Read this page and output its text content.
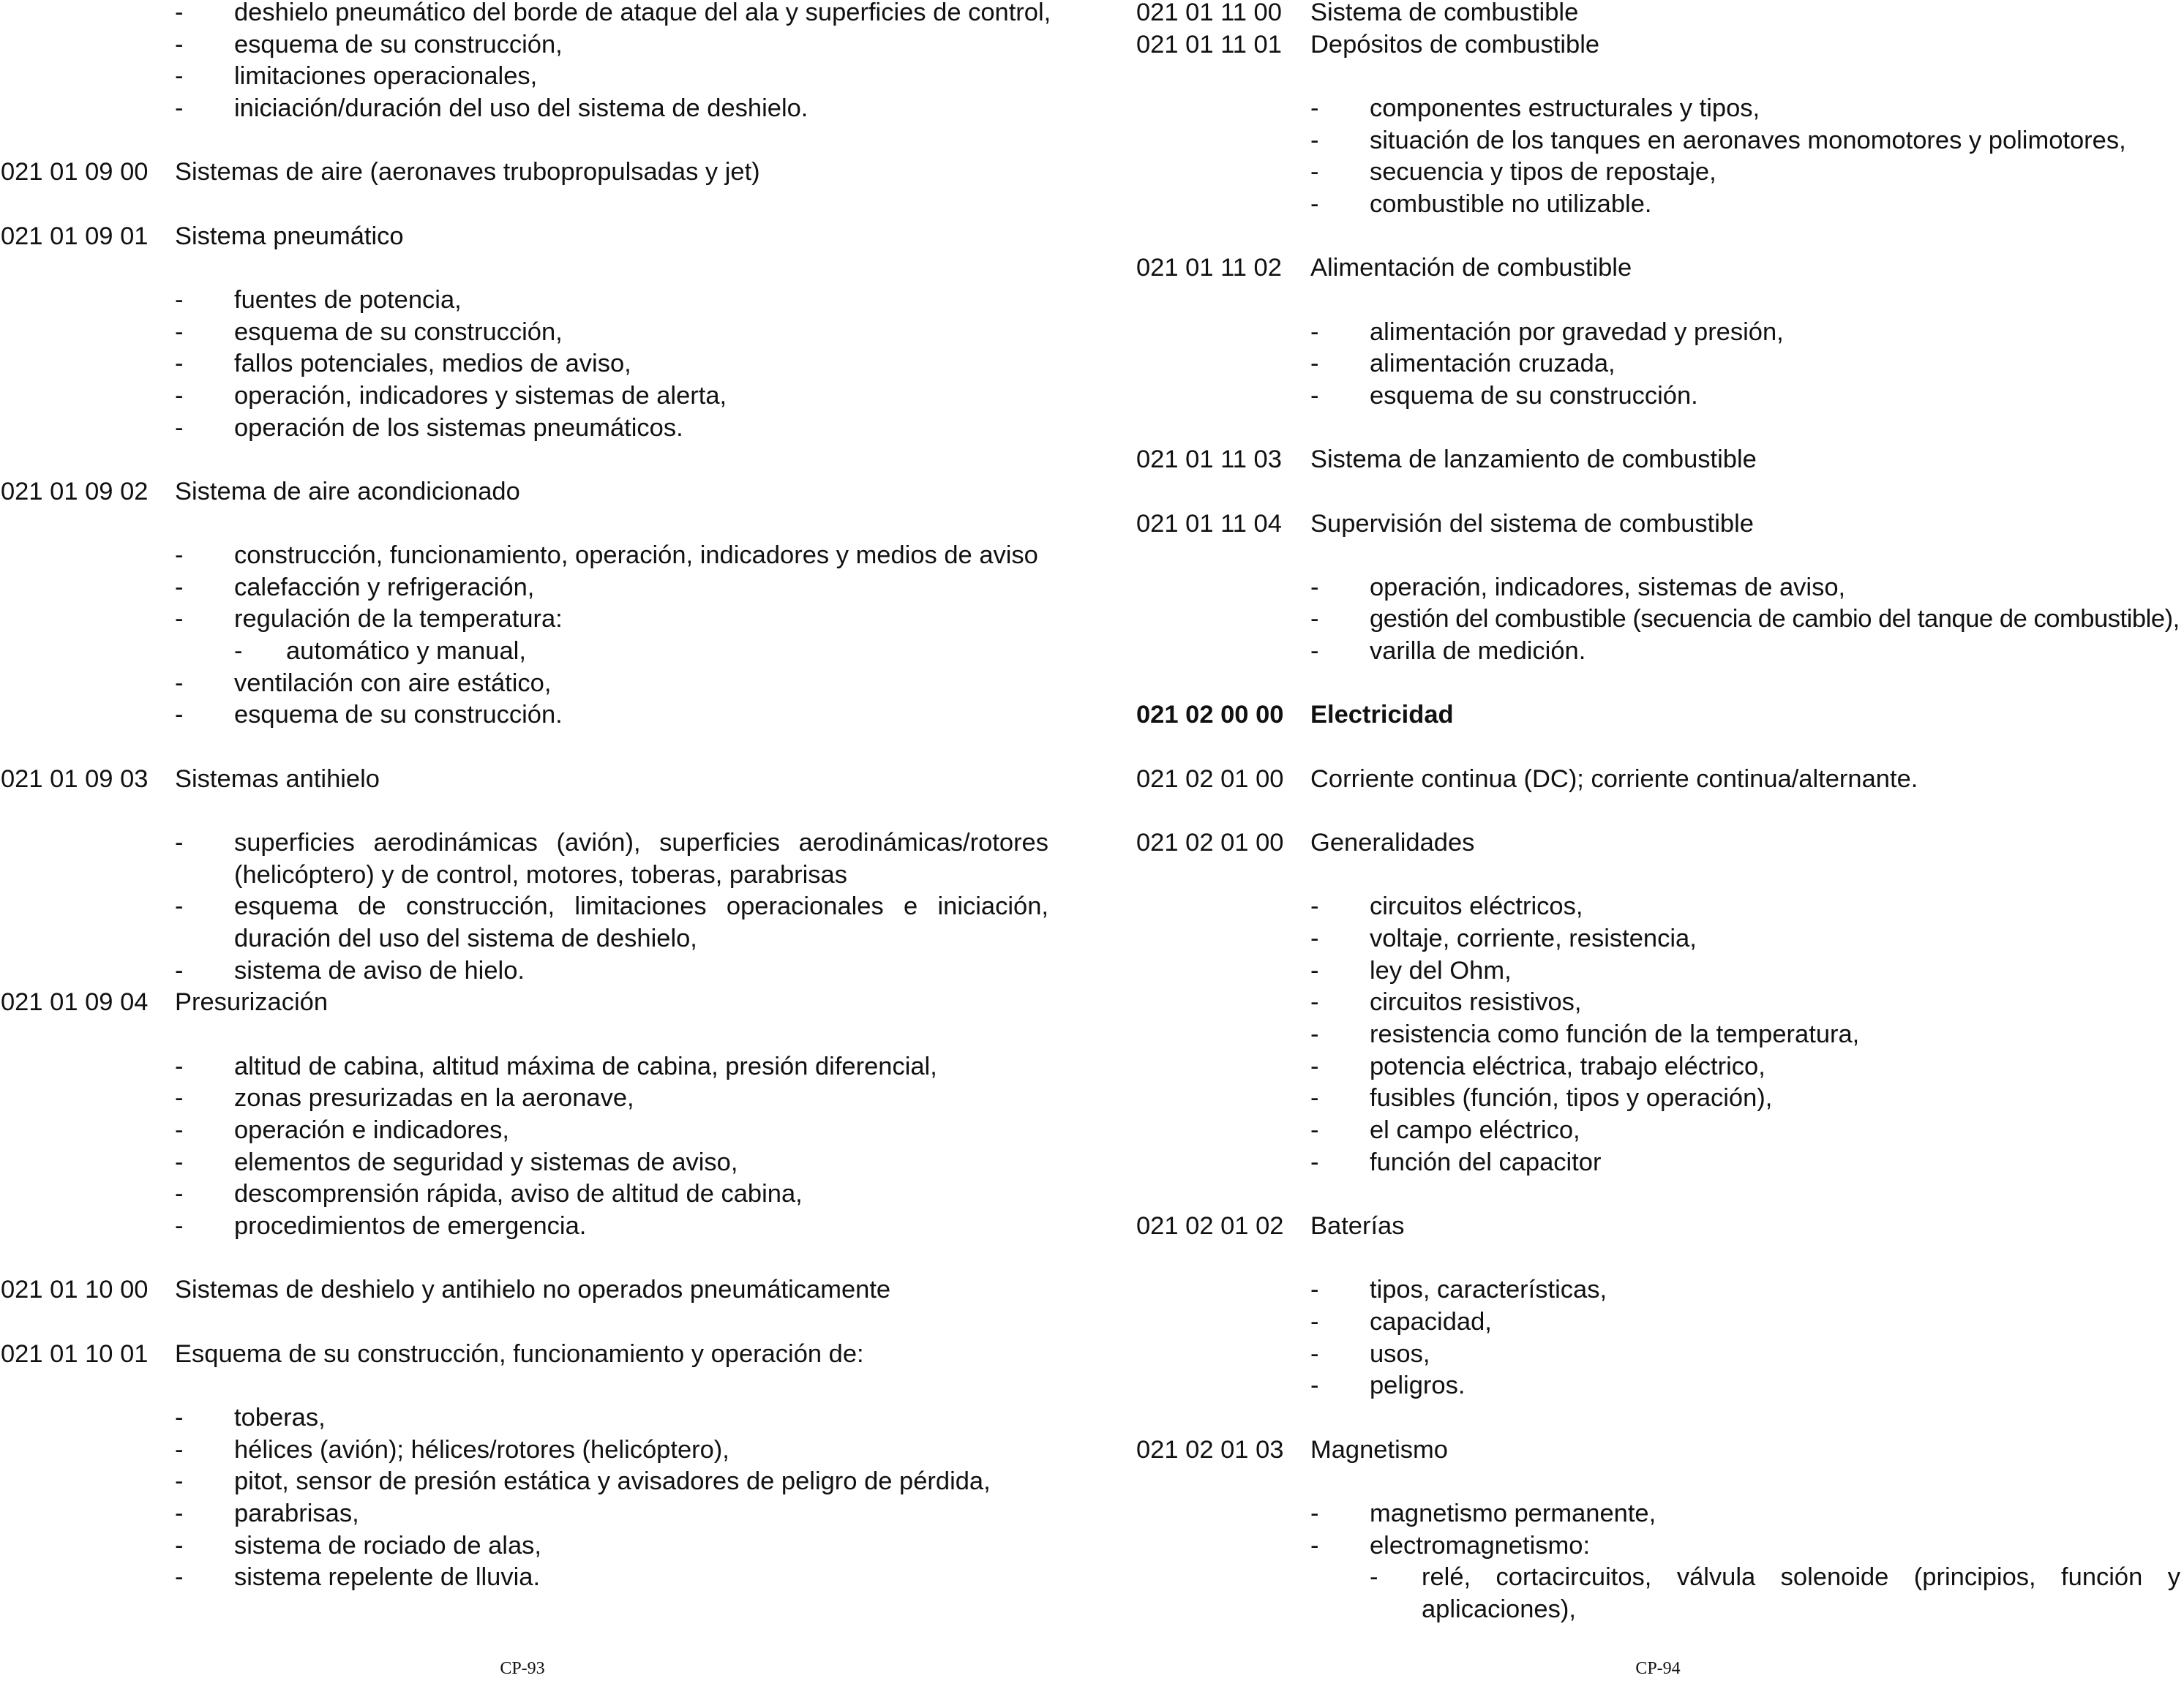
- deshielo pneumático del borde de ataque del ala y superficies de control,
- esquema de su construcción,
- limitaciones operacionales,
- iniciación/duración del uso del sistema de deshielo.
021 01 09 00 Sistemas de aire (aeronaves trubopropulsadas y jet)
021 01 09 01 Sistema pneumático
- fuentes de potencia,
- esquema de su construcción,
- fallos potenciales, medios de aviso,
- operación, indicadores y sistemas de alerta,
- operación de los sistemas pneumáticos.
021 01 09 02 Sistema de aire acondicionado
- construcción, funcionamiento, operación, indicadores y medios de aviso
- calefacción y refrigeración,
- regulación de la temperatura:
- automático y manual,
- ventilación con aire estático,
- esquema de su construcción.
021 01 09 03 Sistemas antihielo
- superficies aerodinámicas (avión), superficies aerodinámicas/rotores (helicóptero) y de control, motores, toberas, parabrisas
- esquema de construcción, limitaciones operacionales e iniciación, duración del uso del sistema de deshielo,
- sistema de aviso de hielo.
021 01 09 04 Presurización
- altitud de cabina, altitud máxima de cabina, presión diferencial,
- zonas presurizadas en la aeronave,
- operación e indicadores,
- elementos de seguridad y sistemas de aviso,
- descomprensión rápida, aviso de altitud de cabina,
- procedimientos de emergencia.
021 01 10 00 Sistemas de deshielo y antihielo no operados pneumáticamente
021 01 10 01 Esquema de su construcción, funcionamiento y operación de:
- toberas,
- hélices (avión); hélices/rotores (helicóptero),
- pitot, sensor de presión estática y avisadores de peligro de pérdida,
- parabrisas,
- sistema de rociado de alas,
- sistema repelente de lluvia.
021 01 11 00 Sistema de combustible
021 01 11 01 Depósitos de combustible
- componentes estructurales y tipos,
- situación de los tanques en aeronaves monomotores y polimotores,
- secuencia y tipos de repostaje,
- combustible no utilizable.
021 01 11 02 Alimentación de combustible
- alimentación por gravedad y presión,
- alimentación cruzada,
- esquema de su construcción.
021 01 11 03 Sistema de lanzamiento de combustible
021 01 11 04 Supervisión del sistema de combustible
- operación, indicadores, sistemas de aviso,
- gestión del combustible (secuencia de cambio del tanque de combustible),
- varilla de medición.
021 02 00 00 Electricidad
021 02 01 00 Corriente continua (DC); corriente continua/alternante.
021 02 01 00 Generalidades
- circuitos eléctricos,
- voltaje, corriente, resistencia,
- ley del Ohm,
- circuitos resistivos,
- resistencia como función de la temperatura,
- potencia eléctrica, trabajo eléctrico,
- fusibles (función, tipos y operación),
- el campo eléctrico,
- función del capacitor
021 02 01 02 Baterías
- tipos, características,
- capacidad,
- usos,
- peligros.
021 02 01 03 Magnetismo
- magnetismo permanente,
- electromagnetismo:
- relé, cortacircuitos, válvula solenoide (principios, función y aplicaciones),
CP-93	CP-94
